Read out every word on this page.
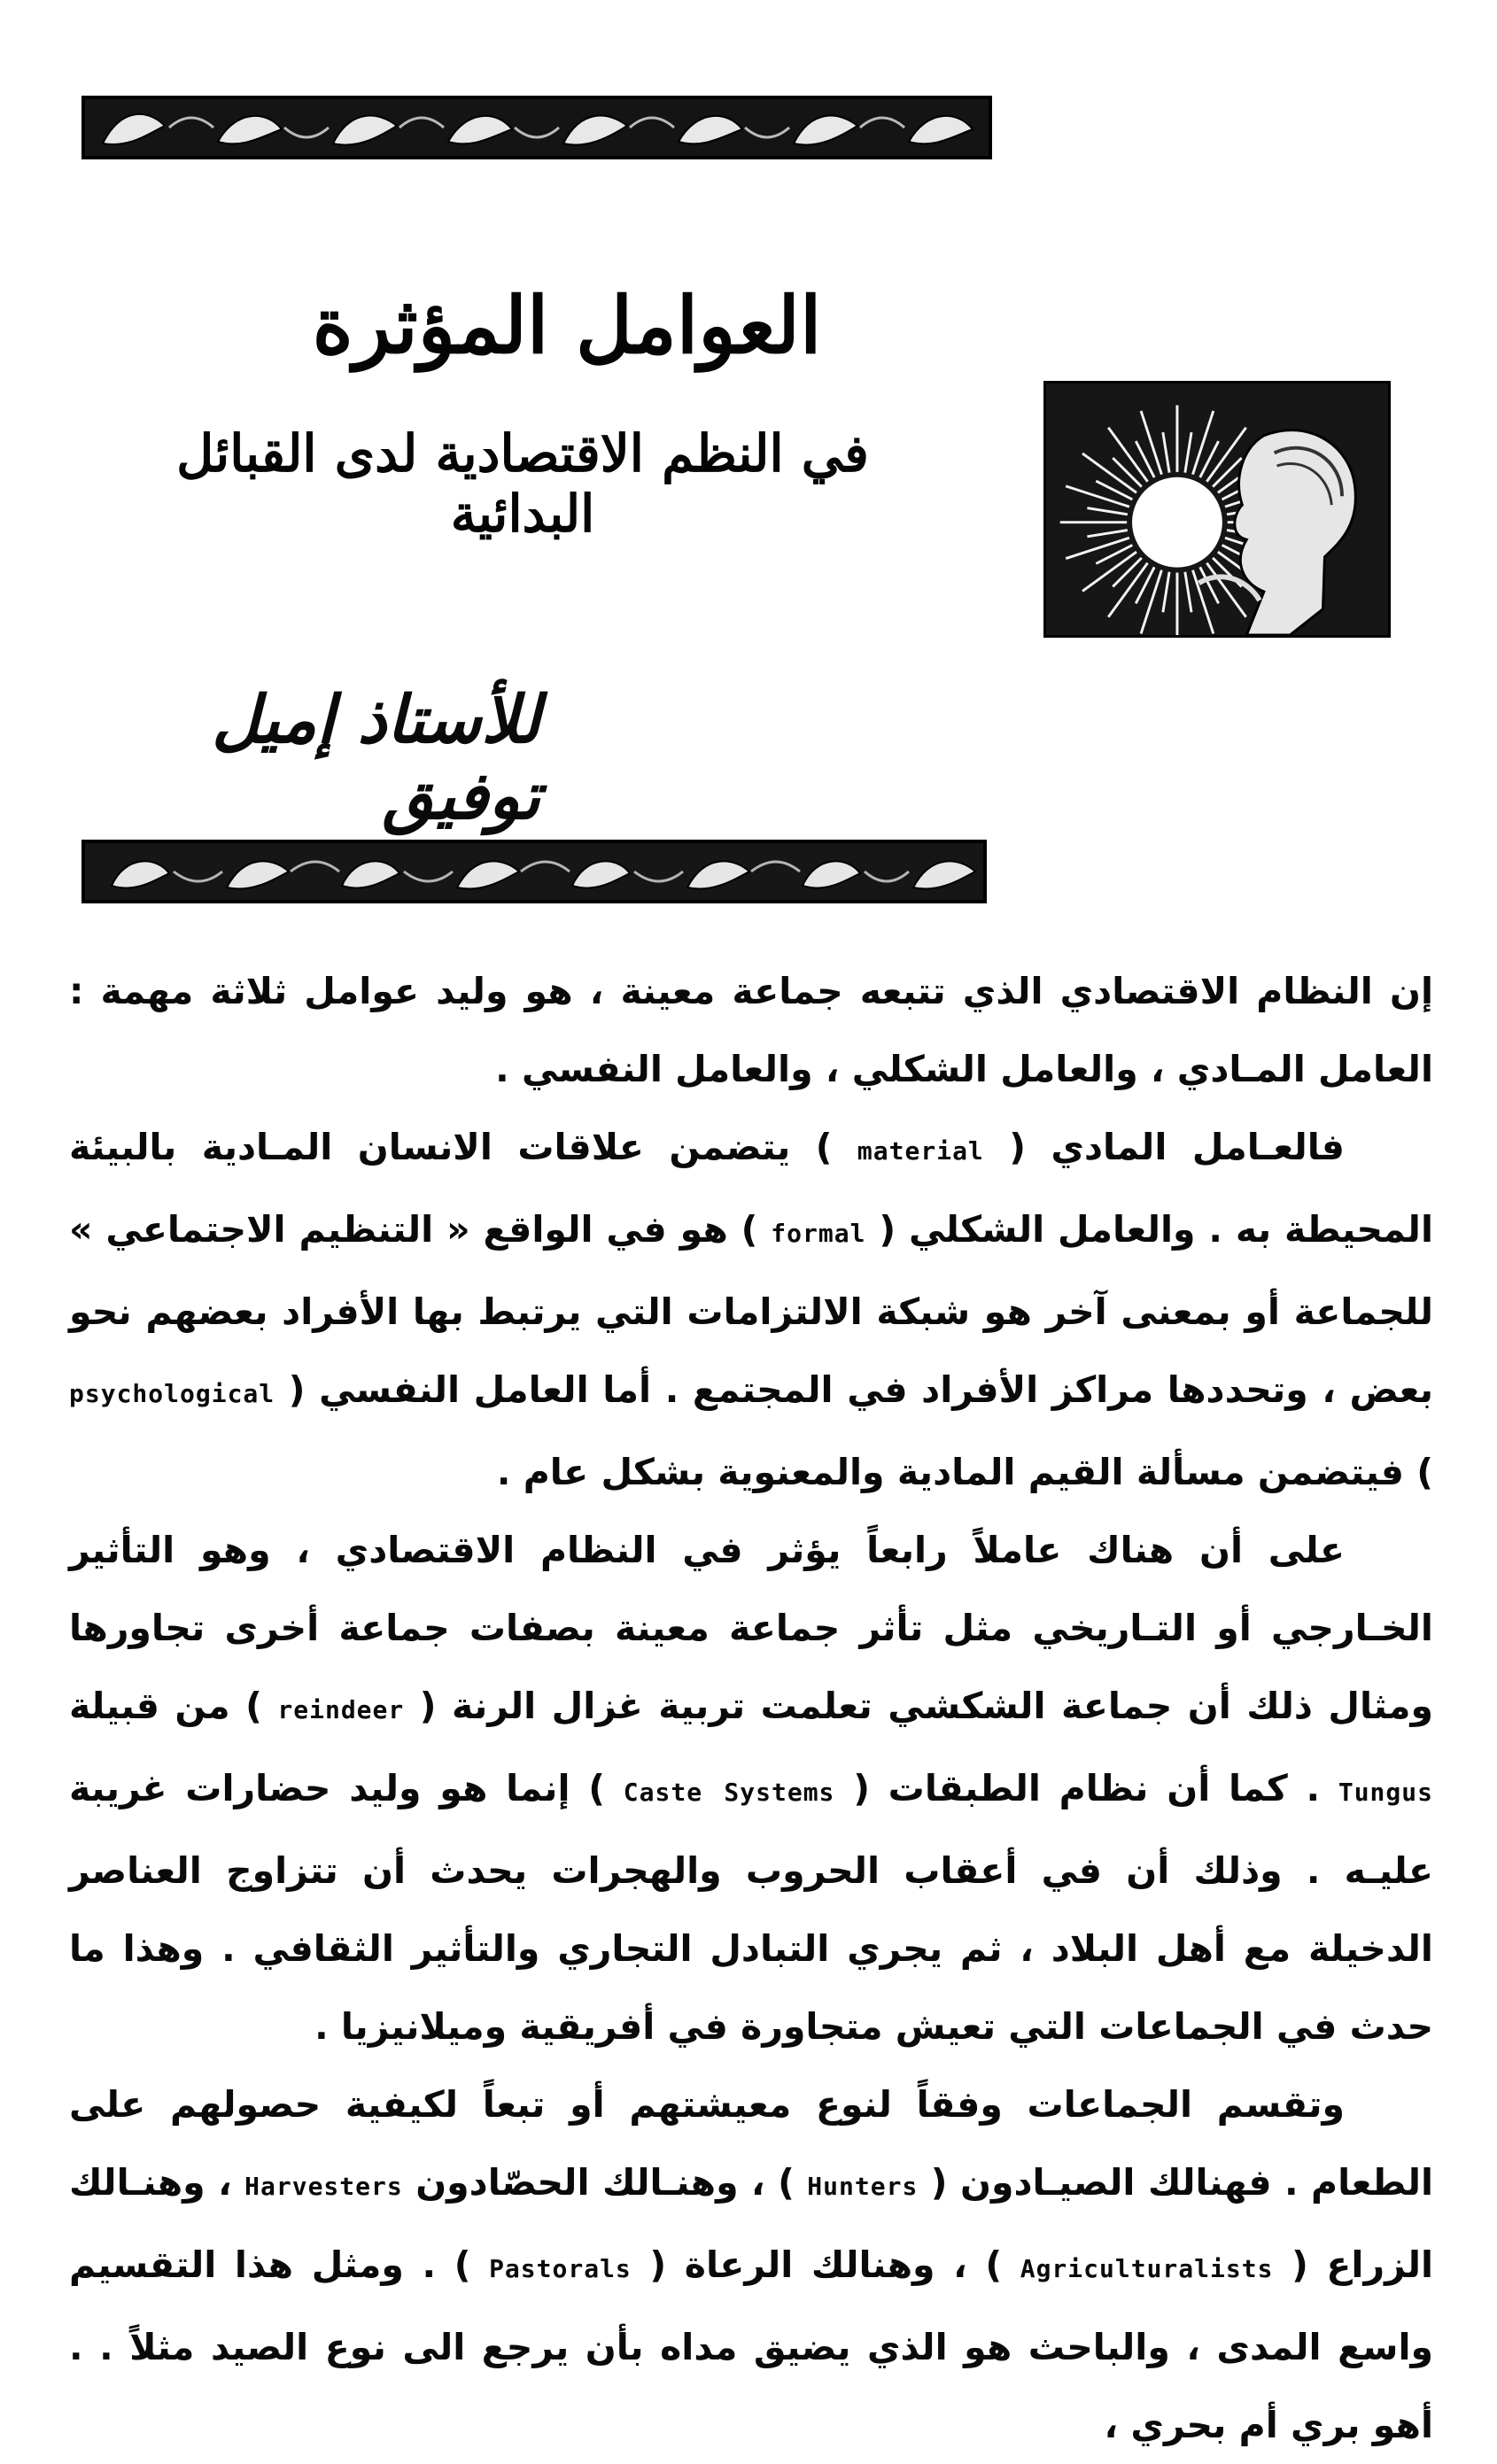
العوامل المؤثرة
في النظم الاقتصادية لدى القبائل البدائية
للأستاذ إميل توفيق

إن النظام الاقتصادي الذي تتبعه جماعة معينة ، هو وليد عوامل ثلاثة مهمة : العامل المـادي ، والعامل الشكلي ، والعامل النفسي .

فالعـامل المادي ( material ) يتضمن علاقات الانسان المـادية بالبيئة المحيطة به . والعامل الشكلي ( formal ) هو في الواقع « التنظيم الاجتماعي » للجماعة أو بمعنى آخر هو شبكة الالتزامات التي يرتبط بها الأفراد بعضهم نحو بعض ، وتحددها مراكز الأفراد في المجتمع . أما العامل النفسي ( psychological ) فيتضمن مسألة القيم المادية والمعنوية بشكل عام .

على أن هناك عاملاً رابعاً يؤثر في النظام الاقتصادي ، وهو التأثير الخـارجي أو التـاريخي مثل تأثر جماعة معينة بصفات جماعة أخرى تجاورها ومثال ذلك أن جماعة الشكشي تعلمت تربية غزال الرنة ( reindeer ) من قبيلة Tungus . كما أن نظام الطبقات ( Caste Systems ) إنما هو وليد حضارات غريبة عليـه . وذلك أن في أعقاب الحروب والهجرات يحدث أن تتزاوج العناصر الدخيلة مع أهل البلاد ، ثم يجري التبادل التجاري والتأثير الثقافي . وهذا ما حدث في الجماعات التي تعيش متجاورة في أفريقية وميلانيزيا .

وتقسم الجماعات وفقاً لنوع معيشتهم أو تبعاً لكيفية حصولهم على الطعام . فهنالك الصيـادون ( Hunters ) ، وهنـالك الحصّادون Harvesters ، وهنـالك الزراع ( Agriculturalists ) ، وهنالك الرعاة ( Pastorals ) . ومثل هذا التقسيم واسع المدى ، والباحث هو الذي يضيق مداه بأن يرجع الى نوع الصيد مثلاً . . أهو بري أم بحري ،
